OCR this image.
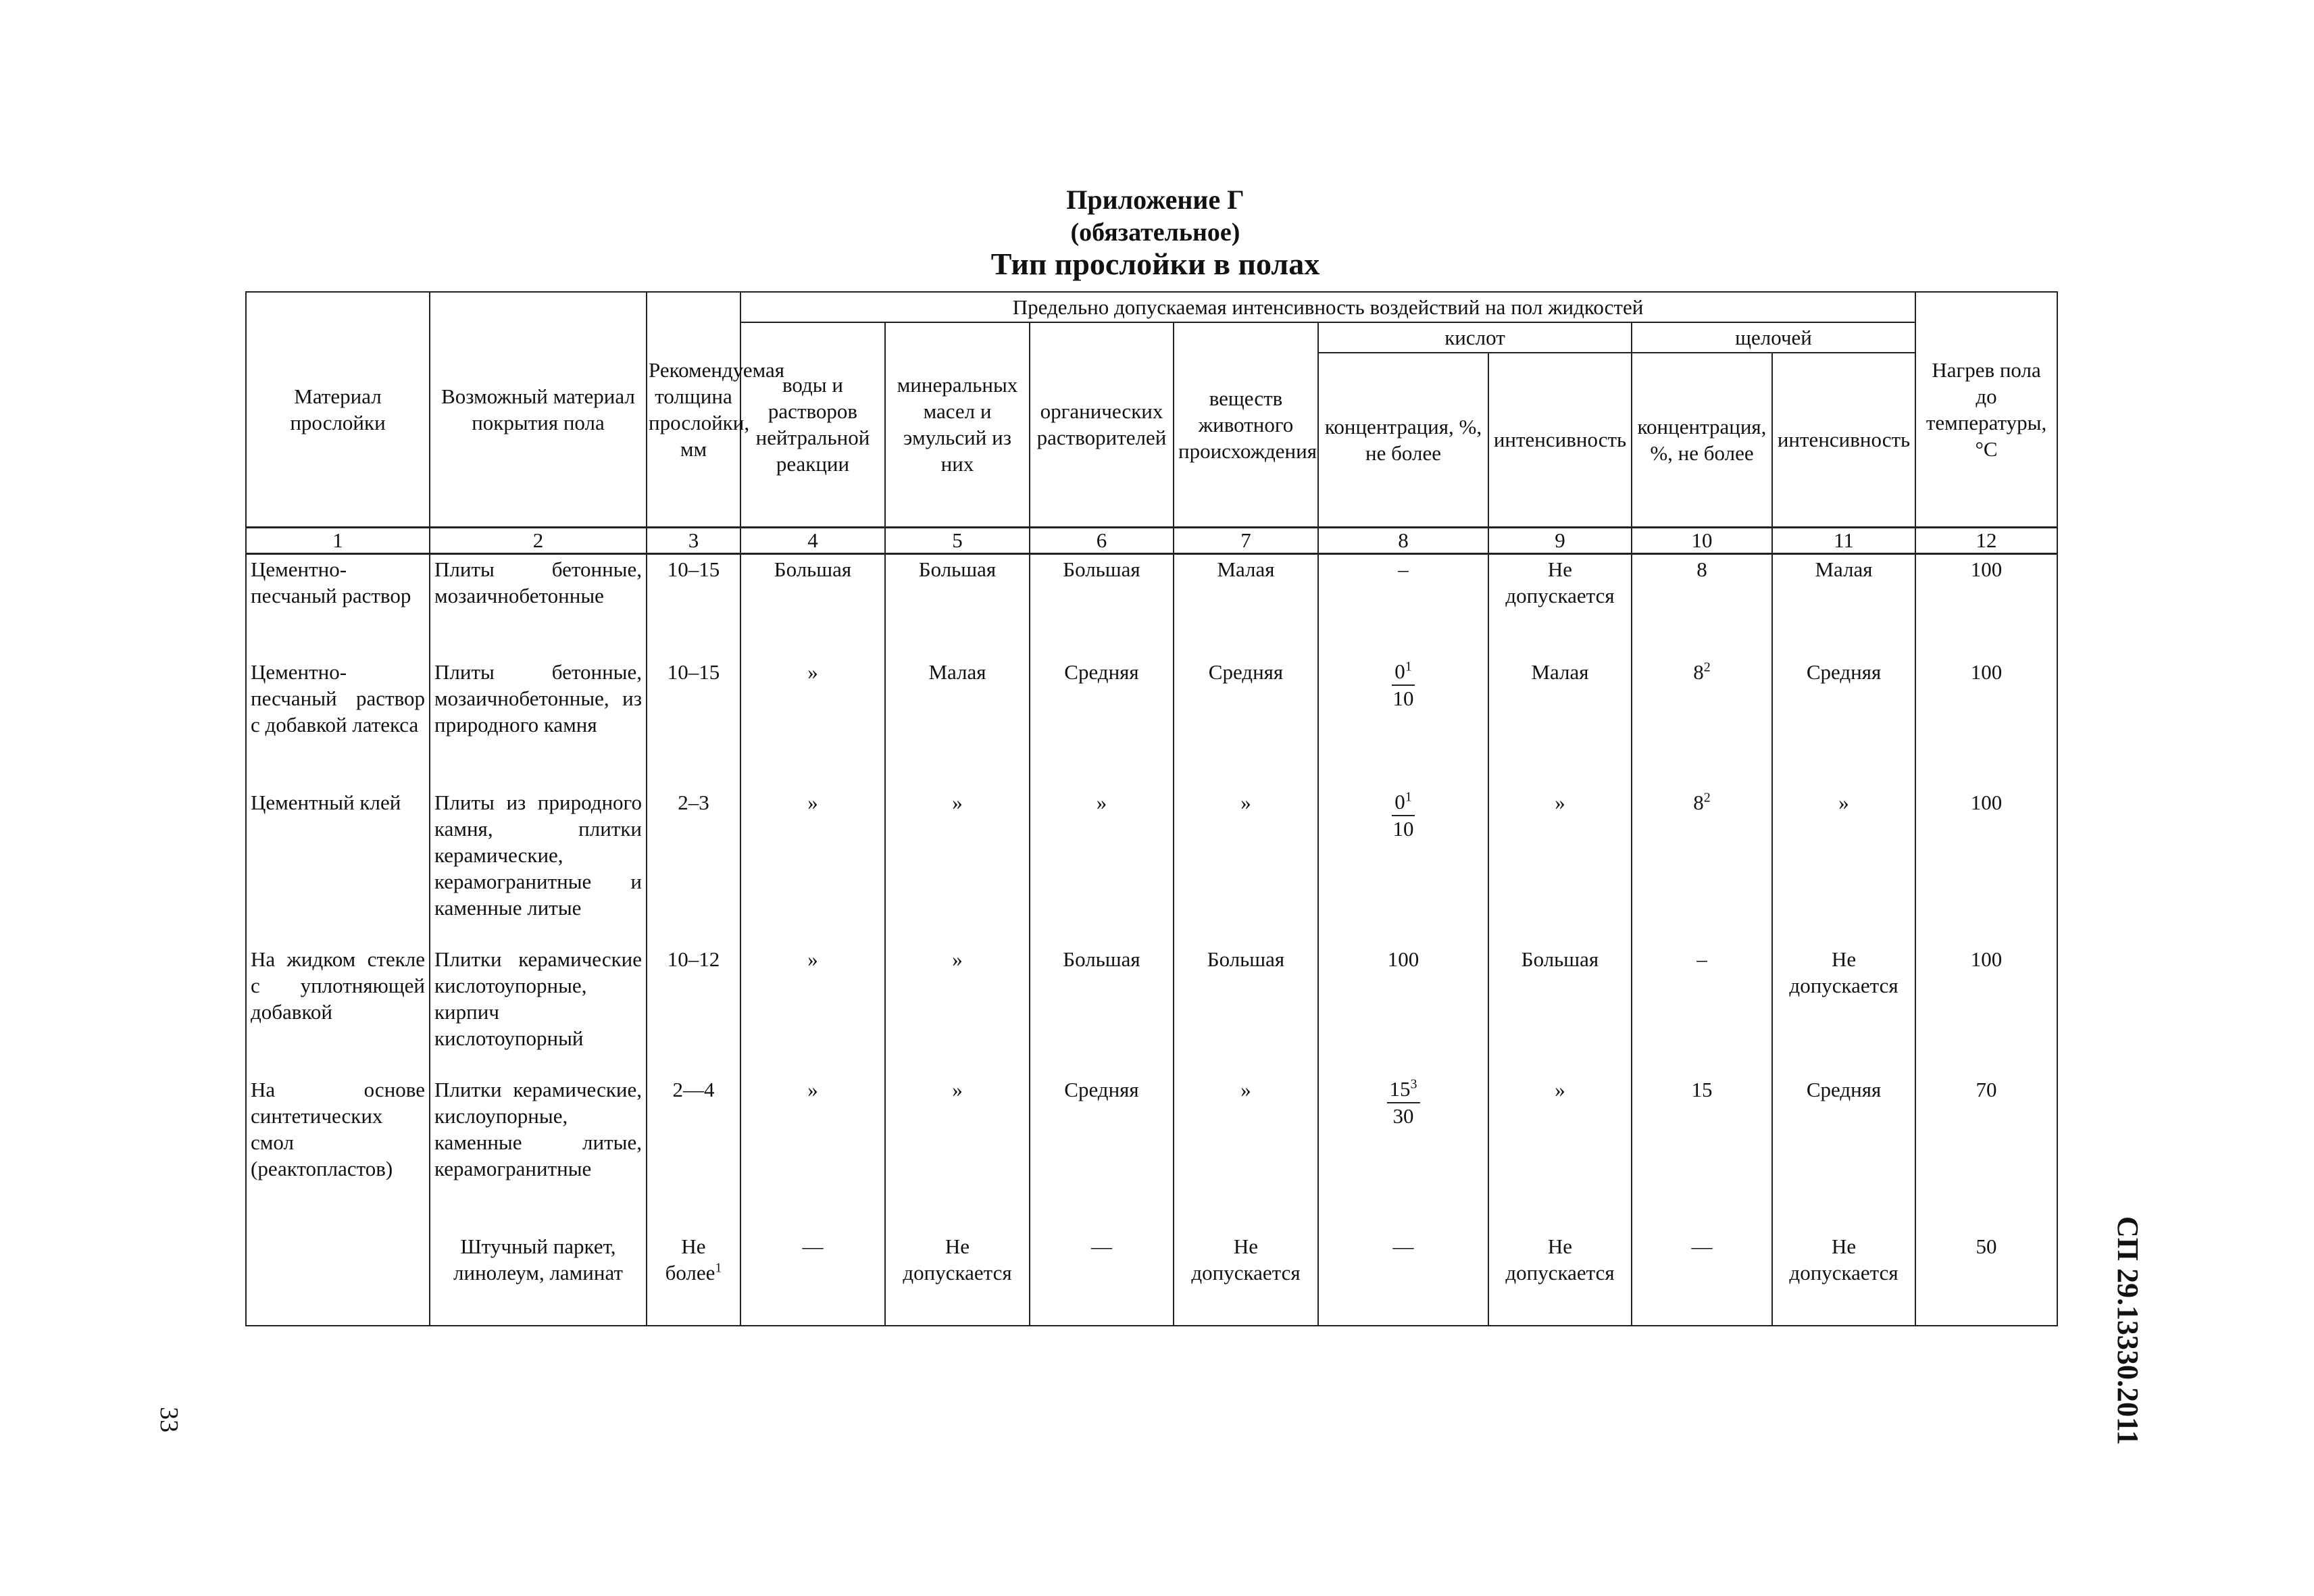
Приложение Г
(обязательное)
Тип прослойки в полах
Материал прослойки	Возможный материал покрытия пола	Рекомендуемая толщина прослойки, мм	Предельно допускаемая интенсивность воздействий на пол жидкостей								Нагрев пола до температуры, °С
			воды и растворов нейтральной реакции	минеральных масел и эмульсий из них	органических растворителей	веществ животного происхождения	кислот		щелочей		
							концентрация, %, не более	интенсивность	концентрация, %, не более	интенсивность	
1	2	3	4	5	6	7	8	9	10	11	12
Цементно-песчаный раствор	Плиты бетонные, мозаичнобетонные	10–15	Большая	Большая	Большая	Малая	–	Не допускается	8	Малая	100
Цементно-песчаный раствор с добавкой латекса	Плиты бетонные, мозаичнобетонные, из природного камня	10–15	»	Малая	Средняя	Средняя	$\frac{0^1}{10}$	Малая	$8^2$	Средняя	100
Цементный клей	Плиты из природного камня, плитки керамические, керамогранитные и каменные литые	2–3	»	»	»	»	$\frac{0^1}{10}$	»	$8^2$	»	100
На жидком стекле с уплотняющей добавкой	Плитки керамические кислотоупорные, кирпич кислотоупорный	10–12	»	»	Большая	Большая	100	Большая	–	Не допускается	100
На основе синтетических смол (реактопластов)	Плитки керамические, кислоупорные, каменные литые, керамогранитные	2—4	»	»	Средняя	»	$\frac{15^3}{30}$	»	15	Средняя	70
	Штучный паркет, линолеум, ламинат	Не более$^1$	—	Не допускается	—	Не допускается	—	Не допускается	—	Не допускается	50	СП 29.13330.2011
33
